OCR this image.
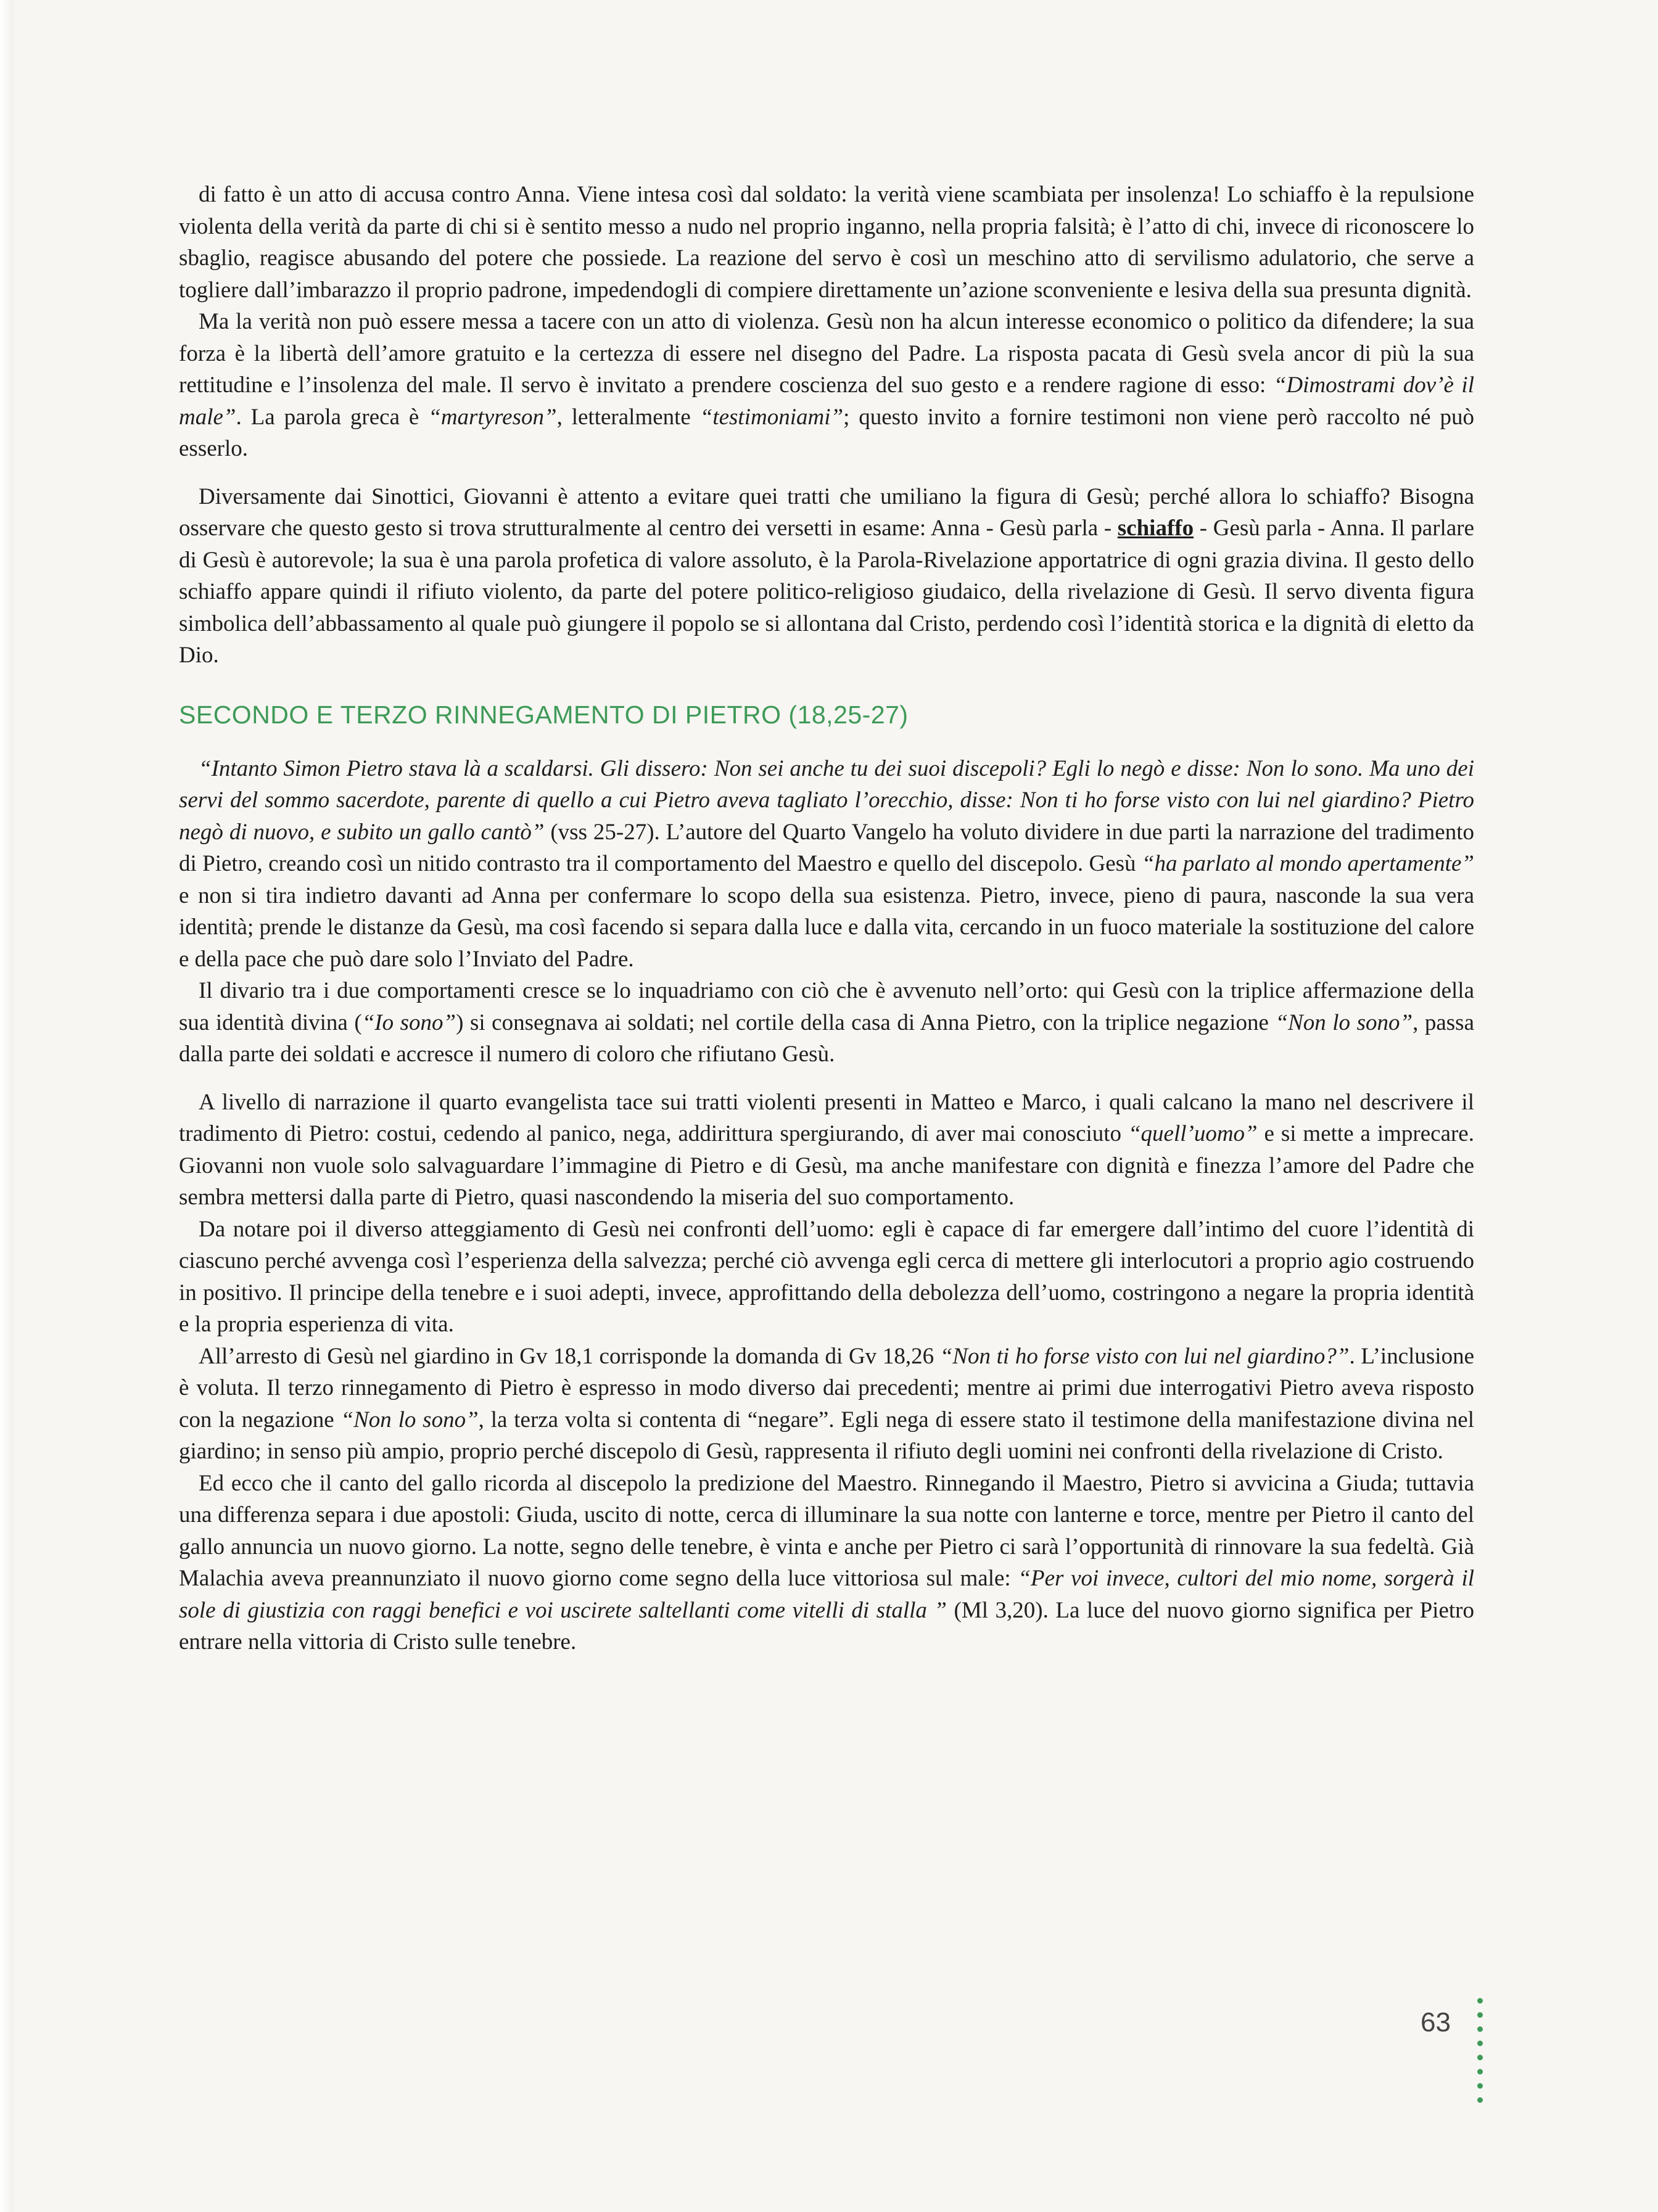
di fatto è un atto di accusa contro Anna. Viene intesa così dal soldato: la verità viene scambiata per insolenza! Lo schiaffo è la repulsione violenta della verità da parte di chi si è sentito messo a nudo nel proprio inganno, nella propria falsità; è l’atto di chi, invece di riconoscere lo sbaglio, reagisce abusando del potere che possiede. La reazione del servo è così un meschino atto di servilismo adulatorio, che serve a togliere dall’imbarazzo il proprio padrone, impedendogli di compiere direttamente un’azione sconveniente e lesiva della sua presunta dignità.

Ma la verità non può essere messa a tacere con un atto di violenza. Gesù non ha alcun interesse economico o politico da difendere; la sua forza è la libertà dell’amore gratuito e la certezza di essere nel disegno del Padre. La risposta pacata di Gesù svela ancor di più la sua rettitudine e l’insolenza del male. Il servo è invitato a prendere coscienza del suo gesto e a rendere ragione di esso: “Dimostrami dov’è il male”. La parola greca è “martyreson”, letteralmente “testimoniami”; questo invito a fornire testimoni non viene però raccolto né può esserlo.

Diversamente dai Sinottici, Giovanni è attento a evitare quei tratti che umiliano la figura di Gesù; perché allora lo schiaffo? Bisogna osservare che questo gesto si trova strutturalmente al centro dei versetti in esame: Anna - Gesù parla - schiaffo - Gesù parla - Anna. Il parlare di Gesù è autorevole; la sua è una parola profetica di valore assoluto, è la Parola-Rivelazione apportatrice di ogni grazia divina. Il gesto dello schiaffo appare quindi il rifiuto violento, da parte del potere politico-religioso giudaico, della rivelazione di Gesù. Il servo diventa figura simbolica dell’abbassamento al quale può giungere il popolo se si allontana dal Cristo, perdendo così l’identità storica e la dignità di eletto da Dio.

SECONDO E TERZO RINNEGAMENTO DI PIETRO (18,25-27)

“Intanto Simon Pietro stava là a scaldarsi. Gli dissero: Non sei anche tu dei suoi discepoli? Egli lo negò e disse: Non lo sono. Ma uno dei servi del sommo sacerdote, parente di quello a cui Pietro aveva tagliato l’orecchio, disse: Non ti ho forse visto con lui nel giardino? Pietro negò di nuovo, e subito un gallo cantò” (vss 25-27). L’autore del Quarto Vangelo ha voluto dividere in due parti la narrazione del tradimento di Pietro, creando così un nitido contrasto tra il comportamento del Maestro e quello del discepolo. Gesù “ha parlato al mondo apertamente” e non si tira indietro davanti ad Anna per confermare lo scopo della sua esistenza. Pietro, invece, pieno di paura, nasconde la sua vera identità; prende le distanze da Gesù, ma così facendo si separa dalla luce e dalla vita, cercando in un fuoco materiale la sostituzione del calore e della pace che può dare solo l’Inviato del Padre.

Il divario tra i due comportamenti cresce se lo inquadriamo con ciò che è avvenuto nell’orto: qui Gesù con la triplice affermazione della sua identità divina (“Io sono”) si consegnava ai soldati; nel cortile della casa di Anna Pietro, con la triplice negazione “Non lo sono”, passa dalla parte dei soldati e accresce il numero di coloro che rifiutano Gesù.

A livello di narrazione il quarto evangelista tace sui tratti violenti presenti in Matteo e Marco, i quali calcano la mano nel descrivere il tradimento di Pietro: costui, cedendo al panico, nega, addirittura spergiurando, di aver mai conosciuto “quell’uomo” e si mette a imprecare. Giovanni non vuole solo salvaguardare l’immagine di Pietro e di Gesù, ma anche manifestare con dignità e finezza l’amore del Padre che sembra mettersi dalla parte di Pietro, quasi nascondendo la miseria del suo comportamento.

Da notare poi il diverso atteggiamento di Gesù nei confronti dell’uomo: egli è capace di far emergere dall’intimo del cuore l’identità di ciascuno perché avvenga così l’esperienza della salvezza; perché ciò avvenga egli cerca di mettere gli interlocutori a proprio agio costruendo in positivo. Il principe della tenebre e i suoi adepti, invece, approfittando della debolezza dell’uomo, costringono a negare la propria identità e la propria esperienza di vita.

All’arresto di Gesù nel giardino in Gv 18,1 corrisponde la domanda di Gv 18,26 “Non ti ho forse visto con lui nel giardino?”. L’inclusione è voluta. Il terzo rinnegamento di Pietro è espresso in modo diverso dai precedenti; mentre ai primi due interrogativi Pietro aveva risposto con la negazione “Non lo sono”, la terza volta si contenta di “negare”. Egli nega di essere stato il testimone della manifestazione divina nel giardino; in senso più ampio, proprio perché discepolo di Gesù, rappresenta il rifiuto degli uomini nei confronti della rivelazione di Cristo.

Ed ecco che il canto del gallo ricorda al discepolo la predizione del Maestro. Rinnegando il Maestro, Pietro si avvicina a Giuda; tuttavia una differenza separa i due apostoli: Giuda, uscito di notte, cerca di illuminare la sua notte con lanterne e torce, mentre per Pietro il canto del gallo annuncia un nuovo giorno. La notte, segno delle tenebre, è vinta e anche per Pietro ci sarà l’opportunità di rinnovare la sua fedeltà. Già Malachia aveva preannunziato il nuovo giorno come segno della luce vittoriosa sul male: “Per voi invece, cultori del mio nome, sorgerà il sole di giustizia con raggi benefici e voi uscirete saltellanti come vitelli di stalla ” (Ml 3,20). La luce del nuovo giorno significa per Pietro entrare nella vittoria di Cristo sulle tenebre.

63
